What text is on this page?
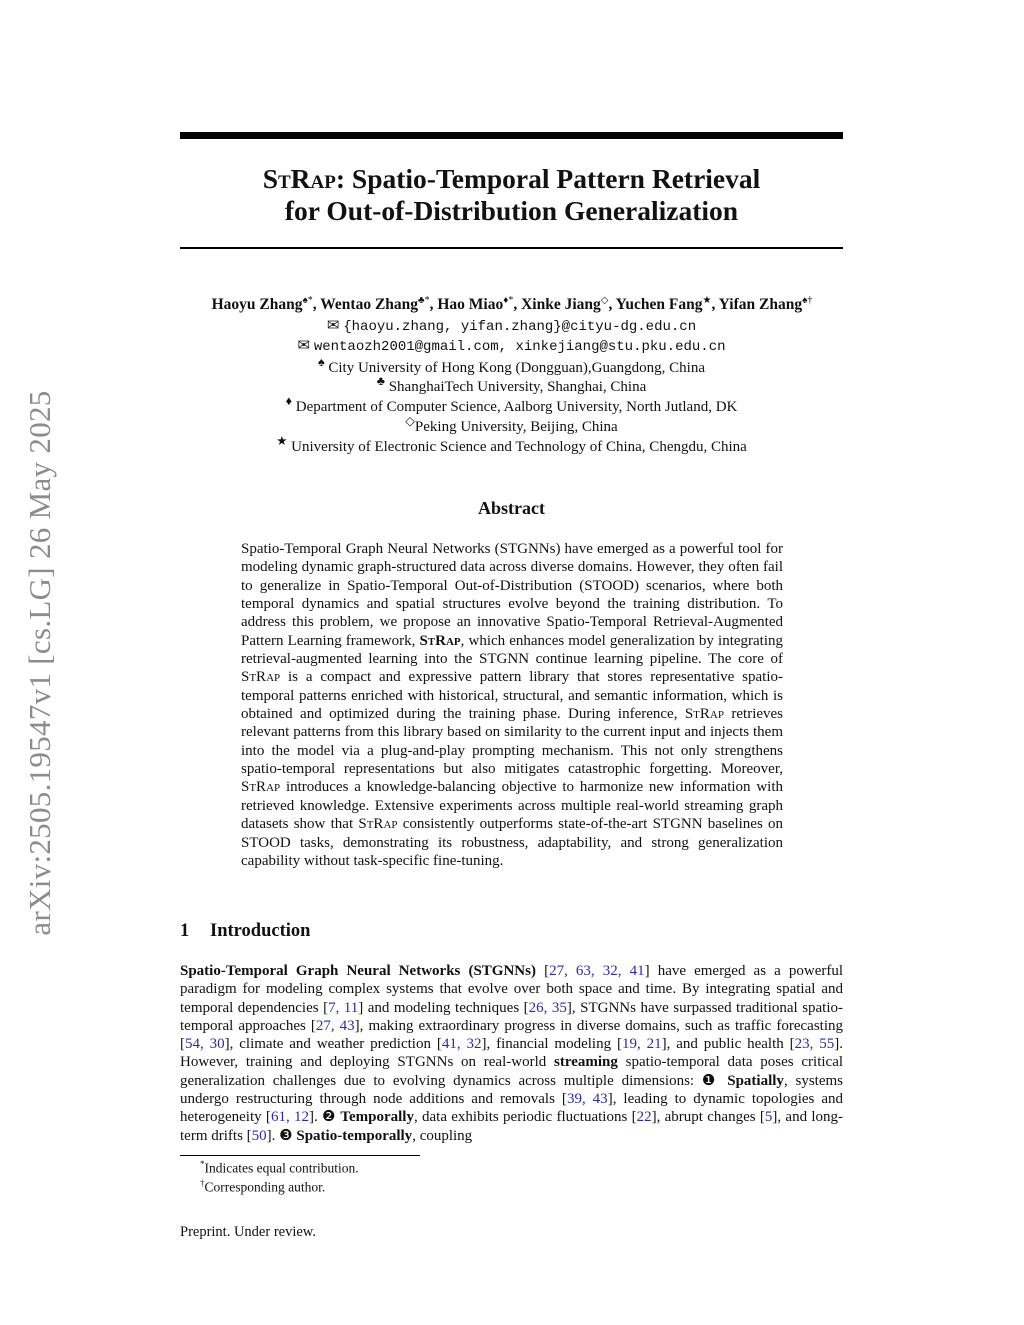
StRap: Spatio-Temporal Pattern Retrieval
for Out-of-Distribution Generalization
arXiv:2505.19547v1 [cs.LG] 26 May 2025
Haoyu Zhang♠*, Wentao Zhang♣*, Hao Miao♦*, Xinke Jiang◇, Yuchen Fang★, Yifan Zhang♠†
✉ {haoyu.zhang, yifan.zhang}@cityu-dg.edu.cn
✉ wentaozh2001@gmail.com, xinkejiang@stu.pku.edu.cn
♠ City University of Hong Kong (Dongguan),Guangdong, China
♣ ShanghaiTech University, Shanghai, China
♦ Department of Computer Science, Aalborg University, North Jutland, DK
◇Peking University, Beijing, China
★ University of Electronic Science and Technology of China, Chengdu, China
Abstract
Spatio-Temporal Graph Neural Networks (STGNNs) have emerged as a powerful tool for modeling dynamic graph-structured data across diverse domains. However, they often fail to generalize in Spatio-Temporal Out-of-Distribution (STOOD) scenarios, where both temporal dynamics and spatial structures evolve beyond the training distribution. To address this problem, we propose an innovative Spatio-Temporal Retrieval-Augmented Pattern Learning framework, StRap, which enhances model generalization by integrating retrieval-augmented learning into the STGNN continue learning pipeline. The core of StRap is a compact and expressive pattern library that stores representative spatio-temporal patterns enriched with historical, structural, and semantic information, which is obtained and optimized during the training phase. During inference, StRap retrieves relevant patterns from this library based on similarity to the current input and injects them into the model via a plug-and-play prompting mechanism. This not only strengthens spatio-temporal representations but also mitigates catastrophic forgetting. Moreover, StRap introduces a knowledge-balancing objective to harmonize new information with retrieved knowledge. Extensive experiments across multiple real-world streaming graph datasets show that StRap consistently outperforms state-of-the-art STGNN baselines on STOOD tasks, demonstrating its robustness, adaptability, and strong generalization capability without task-specific fine-tuning.
1 Introduction
Spatio-Temporal Graph Neural Networks (STGNNs) [27, 63, 32, 41] have emerged as a powerful paradigm for modeling complex systems that evolve over both space and time. By integrating spatial and temporal dependencies [7, 11] and modeling techniques [26, 35], STGNNs have surpassed traditional spatio-temporal approaches [27, 43], making extraordinary progress in diverse domains, such as traffic forecasting [54, 30], climate and weather prediction [41, 32], financial modeling [19, 21], and public health [23, 55]. However, training and deploying STGNNs on real-world streaming spatio-temporal data poses critical generalization challenges due to evolving dynamics across multiple dimensions: ❶ Spatially, systems undergo restructuring through node additions and removals [39, 43], leading to dynamic topologies and heterogeneity [61, 12]. ❷ Temporally, data exhibits periodic fluctuations [22], abrupt changes [5], and long-term drifts [50]. ❸ Spatio-temporally, coupling
*Indicates equal contribution.
†Corresponding author.
Preprint. Under review.
